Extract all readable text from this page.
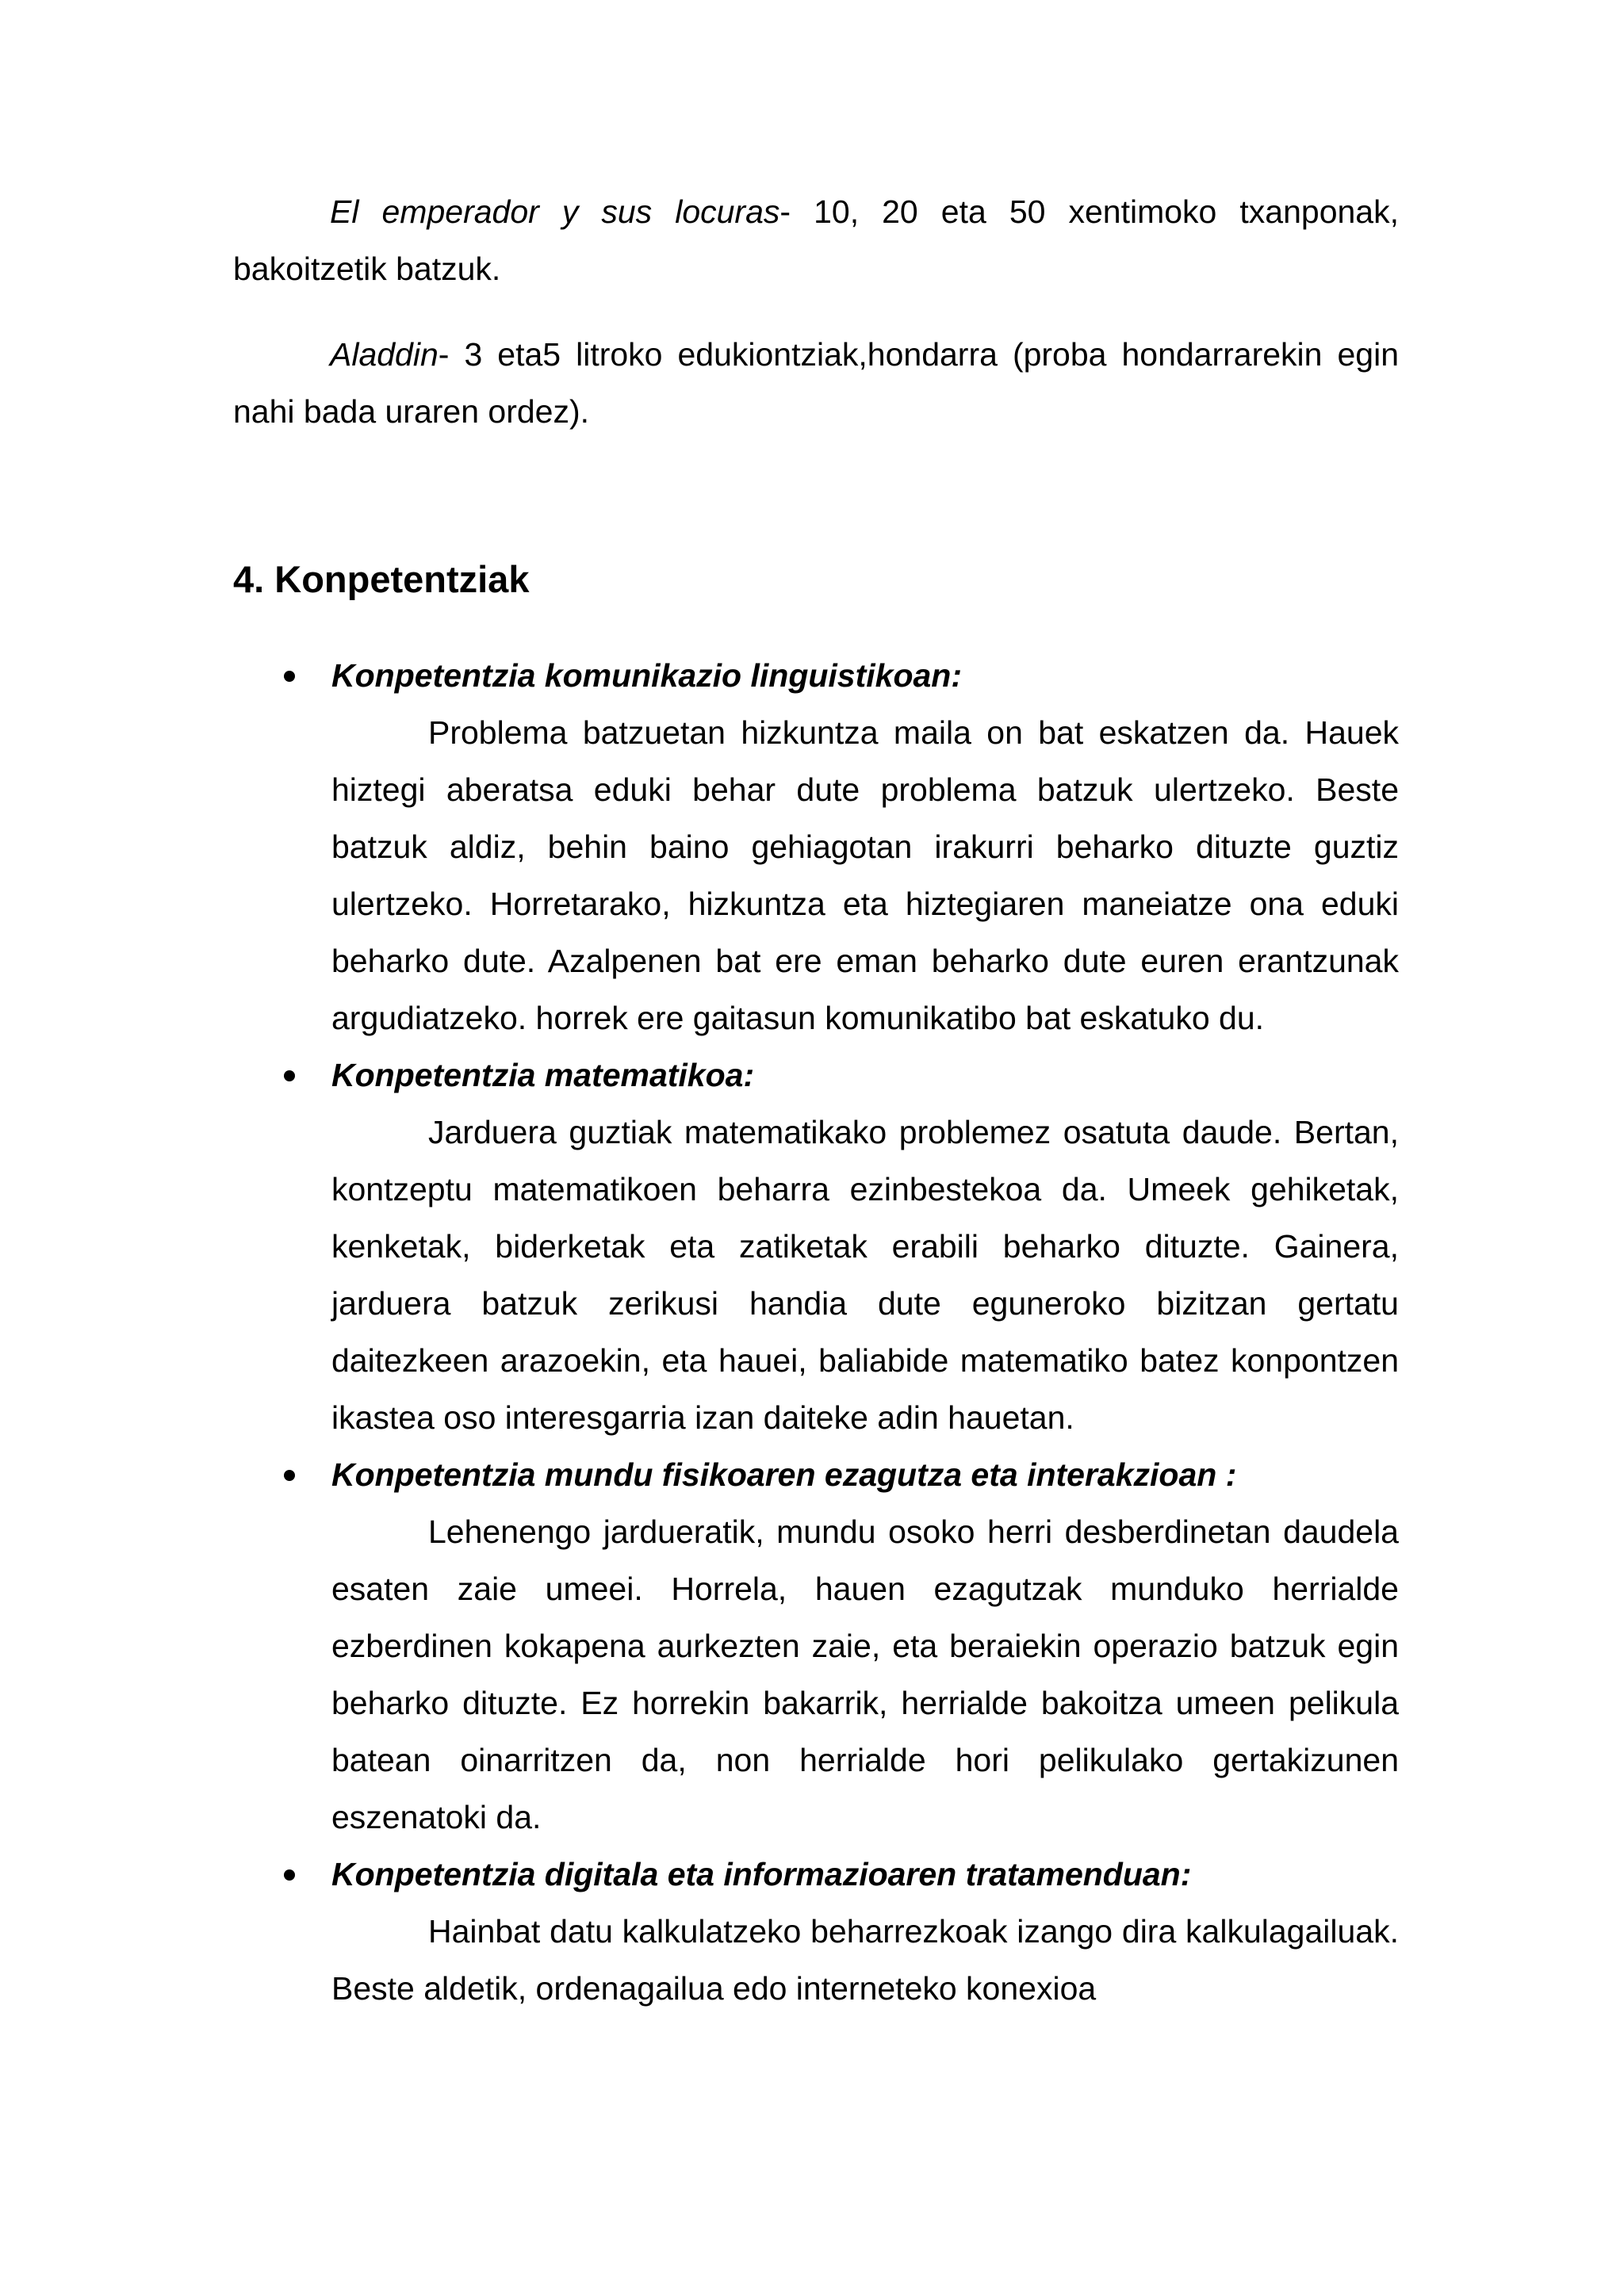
El emperador y sus locuras- 10, 20 eta 50 xentimoko txanponak, bakoitzetik batzuk.

Aladdin- 3 eta5 litroko edukiontziak,hondarra (proba hondarrarekin egin nahi bada uraren ordez).

4. Konpetentziak
Konpetentzia komunikazio linguistikoan:
Problema batzuetan hizkuntza maila on bat eskatzen da. Hauek hiztegi aberatsa eduki behar dute problema batzuk ulertzeko. Beste batzuk aldiz, behin baino gehiagotan irakurri beharko dituzte guztiz ulertzeko. Horretarako, hizkuntza eta hiztegiaren maneiatze ona eduki beharko dute. Azalpenen bat ere eman beharko dute euren erantzunak argudiatzeko. horrek ere gaitasun komunikatibo bat eskatuko du.
Konpetentzia matematikoa:
Jarduera guztiak matematikako problemez osatuta daude. Bertan, kontzeptu matematikoen beharra ezinbestekoa da. Umeek gehiketak, kenketak, biderketak eta zatiketak erabili beharko dituzte. Gainera, jarduera batzuk zerikusi handia dute eguneroko bizitzan gertatu daitezkeen arazoekin, eta hauei, baliabide matematiko batez konpontzen ikastea oso interesgarria izan daiteke adin hauetan.
Konpetentzia mundu fisikoaren ezagutza eta interakzioan :
Lehenengo jardueratik, mundu osoko herri desberdinetan daudela esaten zaie umeei. Horrela, hauen ezagutzak munduko herrialde ezberdinen kokapena aurkezten zaie, eta beraiekin operazio batzuk egin beharko dituzte. Ez horrekin bakarrik, herrialde bakoitza umeen pelikula batean oinarritzen da, non herrialde hori pelikulako gertakizunen eszenatoki da.
Konpetentzia digitala eta informazioaren tratamenduan:
Hainbat datu kalkulatzeko beharrezkoak izango dira kalkulagailuak. Beste aldetik, ordenagailua edo interneteko konexioa
